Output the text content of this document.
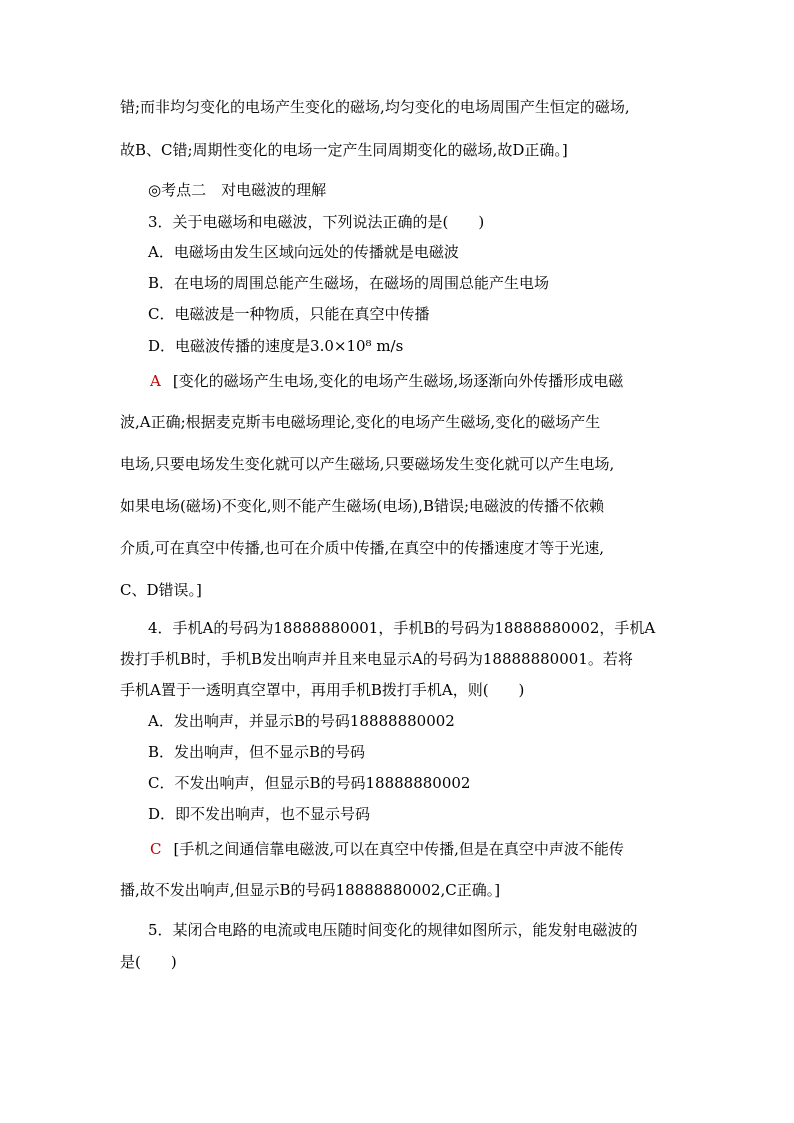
错;而非均匀变化的电场产生变化的磁场,均匀变化的电场周围产生恒定的磁场,
故B、C错;周期性变化的电场一定产生同周期变化的磁场,故D正确。]
◎考点二　对电磁波的理解
3．关于电磁场和电磁波，下列说法正确的是(　　)
A．电磁场由发生区域向远处的传播就是电磁波
B．在电场的周围总能产生磁场，在磁场的周围总能产生电场
C．电磁波是一种物质，只能在真空中传播
D．电磁波传播的速度是3.0×10⁸ m/s
A [变化的磁场产生电场,变化的电场产生磁场,场逐渐向外传播形成电磁
波,A正确;根据麦克斯韦电磁场理论,变化的电场产生磁场,变化的磁场产生
电场,只要电场发生变化就可以产生磁场,只要磁场发生变化就可以产生电场,
如果电场(磁场)不变化,则不能产生磁场(电场),B错误;电磁波的传播不依赖
介质,可在真空中传播,也可在介质中传播,在真空中的传播速度才等于光速,
C、D错误。]
4．手机A的号码为18888880001，手机B的号码为18888880002，手机A
拨打手机B时，手机B发出响声并且来电显示A的号码为18888880001。若将
手机A置于一透明真空罩中，再用手机B拨打手机A，则(　　)
A．发出响声，并显示B的号码18888880002
B．发出响声，但不显示B的号码
C．不发出响声，但显示B的号码18888880002
D．即不发出响声，也不显示号码
C [手机之间通信靠电磁波,可以在真空中传播,但是在真空中声波不能传
播,故不发出响声,但显示B的号码18888880002,C正确。]
5．某闭合电路的电流或电压随时间变化的规律如图所示，能发射电磁波的
是(　　)
